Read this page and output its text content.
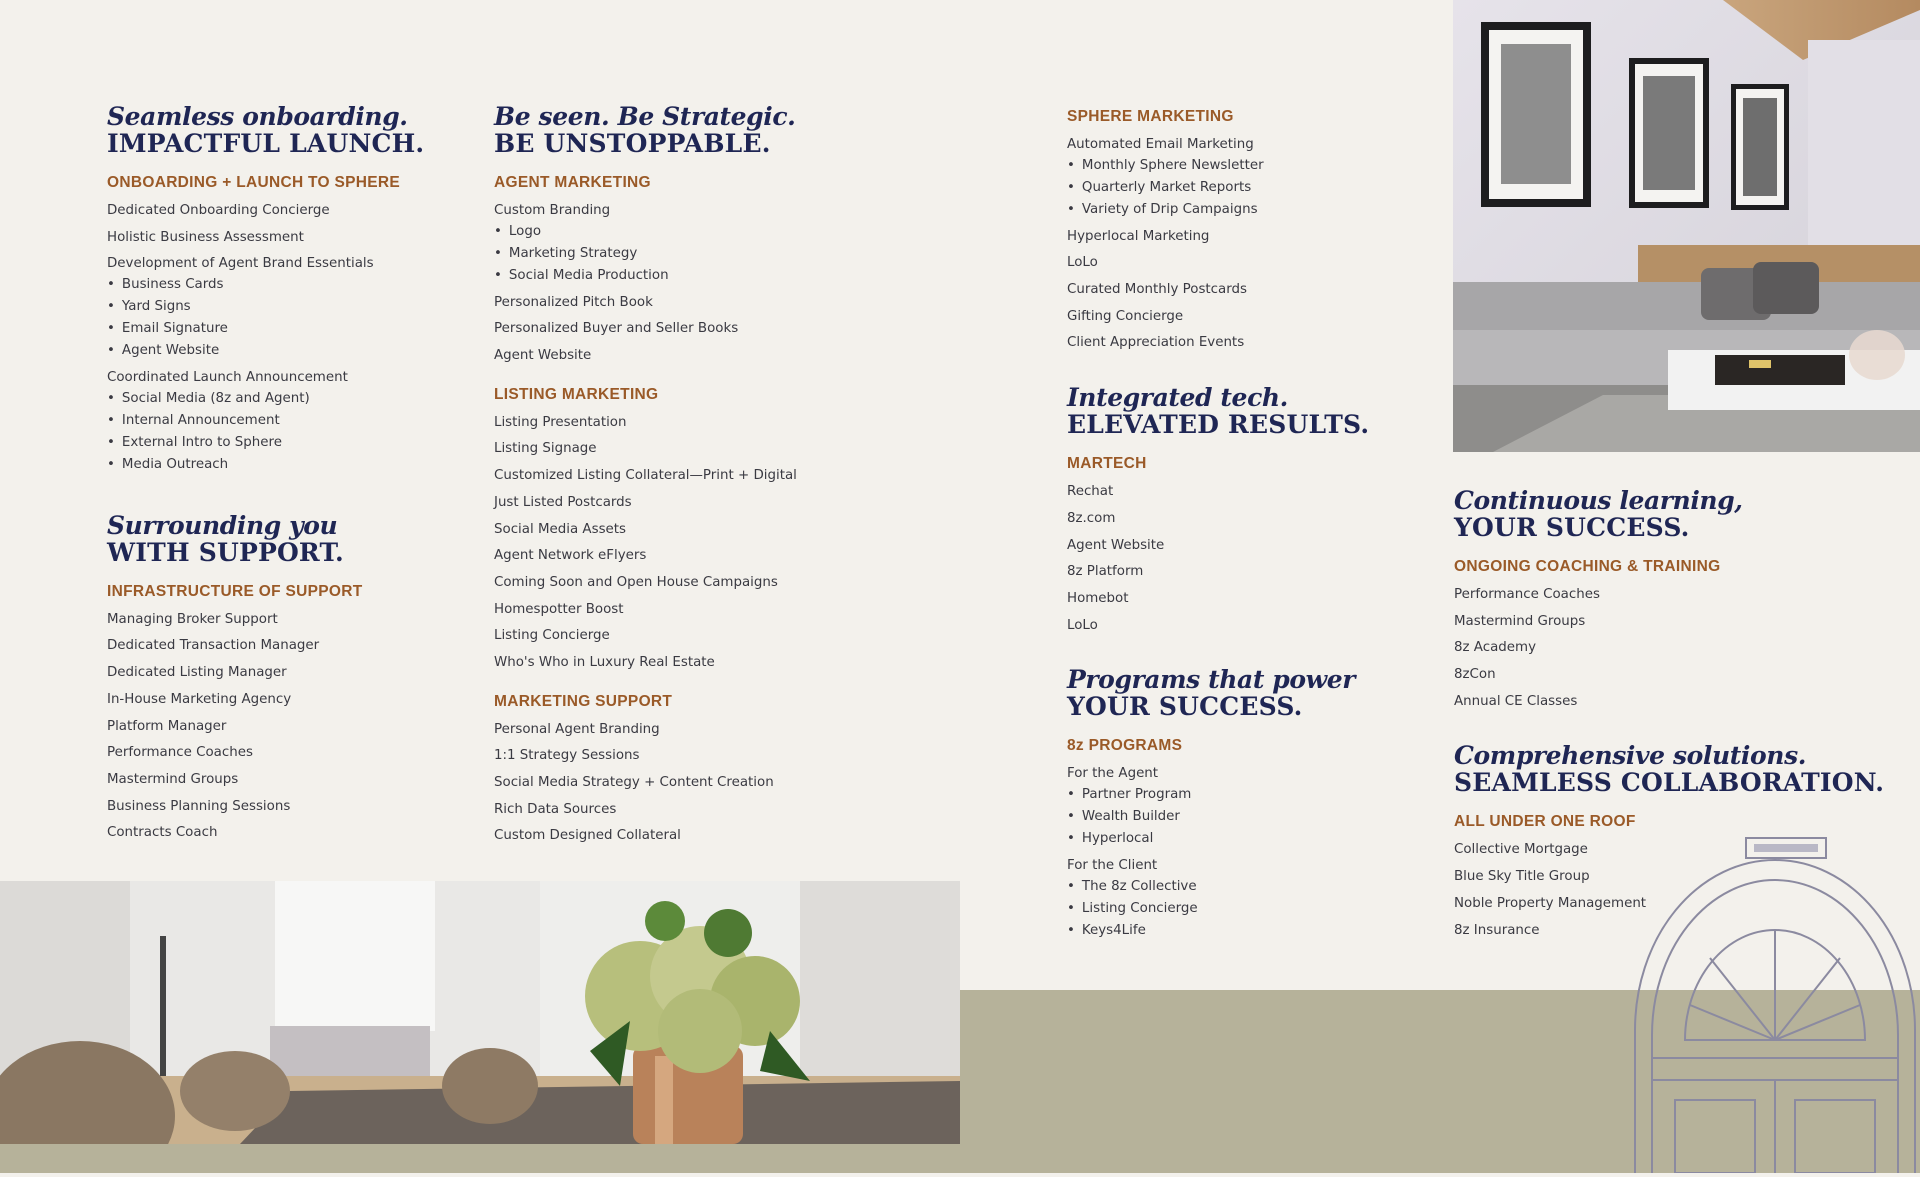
Seamless onboarding.
IMPACTFUL LAUNCH.
ONBOARDING + LAUNCH TO SPHERE
Dedicated Onboarding Concierge
Holistic Business Assessment
Development of Agent Brand Essentials
• Business Cards
• Yard Signs
• Email Signature
• Agent Website
Coordinated Launch Announcement
• Social Media (8z and Agent)
• Internal Announcement
• External Intro to Sphere
• Media Outreach
Surrounding you
WITH SUPPORT.
INFRASTRUCTURE OF SUPPORT
Managing Broker Support
Dedicated Transaction Manager
Dedicated Listing Manager
In-House Marketing Agency
Platform Manager
Performance Coaches
Mastermind Groups
Business Planning Sessions
Contracts Coach
Be seen. Be Strategic.
BE UNSTOPPABLE.
AGENT MARKETING
Custom Branding
• Logo
• Marketing Strategy
• Social Media Production
Personalized Pitch Book
Personalized Buyer and Seller Books
Agent Website
LISTING MARKETING
Listing Presentation
Listing Signage
Customized Listing Collateral—Print + Digital
Just Listed Postcards
Social Media Assets
Agent Network eFlyers
Coming Soon and Open House Campaigns
Homespotter Boost
Listing Concierge
Who's Who in Luxury Real Estate
MARKETING SUPPORT
Personal Agent Branding
1:1 Strategy Sessions
Social Media Strategy + Content Creation
Rich Data Sources
Custom Designed Collateral
SPHERE MARKETING
Automated Email Marketing
• Monthly Sphere Newsletter
• Quarterly Market Reports
• Variety of Drip Campaigns
Hyperlocal Marketing
LoLo
Curated Monthly Postcards
Gifting Concierge
Client Appreciation Events
Integrated tech.
ELEVATED RESULTS.
MARTECH
Rechat
8z.com
Agent Website
8z Platform
Homebot
LoLo
Programs that power
YOUR SUCCESS.
8z PROGRAMS
For the Agent
• Partner Program
• Wealth Builder
• Hyperlocal
For the Client
• The 8z Collective
• Listing Concierge
• Keys4Life
Continuous learning,
YOUR SUCCESS.
ONGOING COACHING & TRAINING
Performance Coaches
Mastermind Groups
8z Academy
8zCon
Annual CE Classes
Comprehensive solutions.
SEAMLESS COLLABORATION.
ALL UNDER ONE ROOF
Collective Mortgage
Blue Sky Title Group
Noble Property Management
8z Insurance
